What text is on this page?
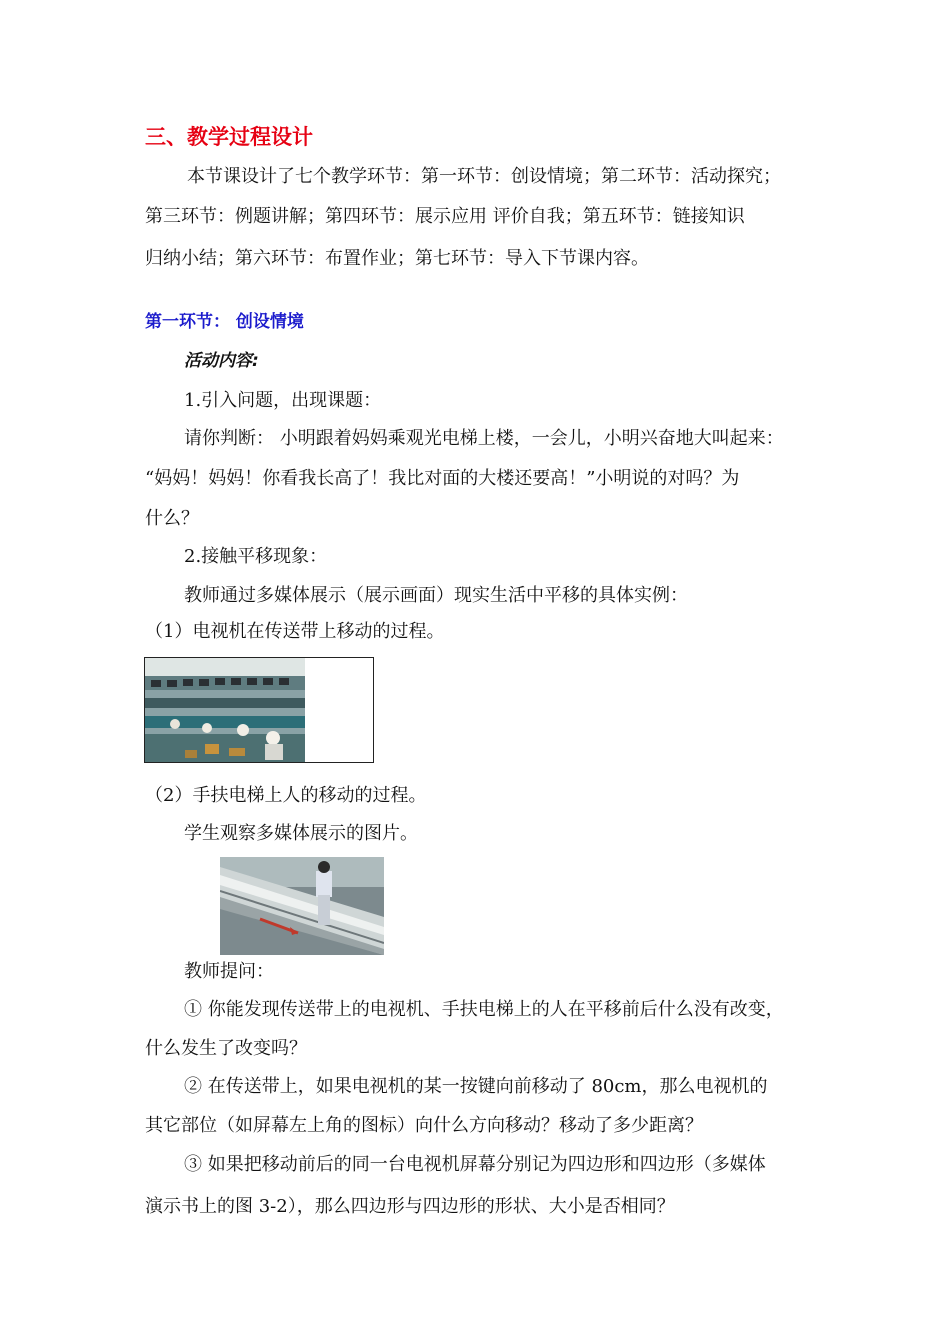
三、教学过程设计
本节课设计了七个教学环节：第一环节：创设情境；第二环节：活动探究；
第三环节：例题讲解；第四环节：展示应用 评价自我；第五环节：链接知识
归纳小结；第六环节：布置作业；第七环节：导入下节课内容。
第一环节： 创设情境
活动内容:
1.引入问题，出现课题：
请你判断： 小明跟着妈妈乘观光电梯上楼，一会儿，小明兴奋地大叫起来：
“妈妈！妈妈！你看我长高了！我比对面的大楼还要高！”小明说的对吗？为
什么？
2.接触平移现象：
教师通过多媒体展示（展示画面）现实生活中平移的具体实例：
（1）电视机在传送带上移动的过程。
（2）手扶电梯上人的移动的过程。
学生观察多媒体展示的图片。
教师提问：
① 你能发现传送带上的电视机、手扶电梯上的人在平移前后什么没有改变，
什么发生了改变吗？
② 在传送带上，如果电视机的某一按键向前移动了 80cm，那么电视机的
其它部位（如屏幕左上角的图标）向什么方向移动？移动了多少距离？
③ 如果把移动前后的同一台电视机屏幕分别记为四边形和四边形（多媒体
演示书上的图 3-2），那么四边形与四边形的形状、大小是否相同？
